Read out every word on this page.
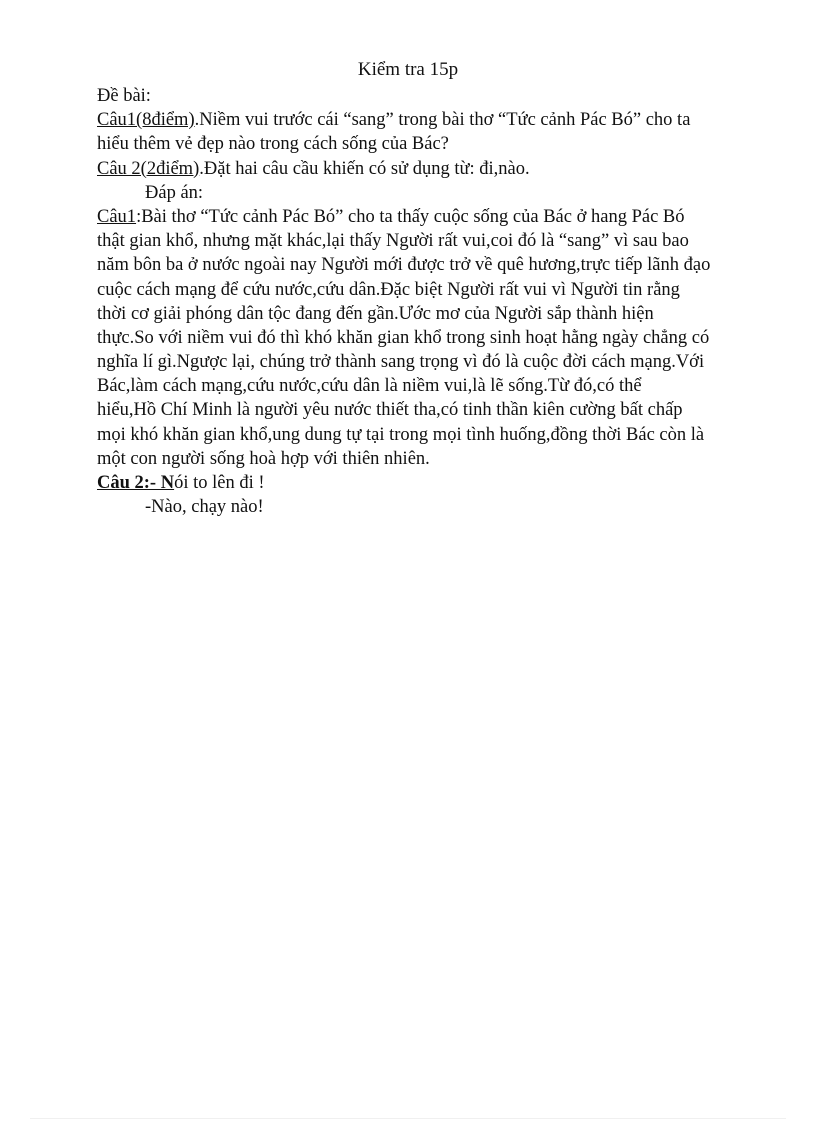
Kiểm tra 15p
Đề bài:
Câu1(8điểm).Niềm vui trước cái “sang” trong bài thơ “Tức cảnh Pác Bó” cho ta
hiểu thêm vẻ đẹp nào trong cách sống của Bác?
Câu 2(2điểm).Đặt hai câu cầu khiến có sử dụng từ: đi,nào.
Đáp án:
Câu1:Bài thơ “Tức cảnh Pác Bó” cho ta thấy cuộc sống của Bác ở hang Pác Bó
thật gian khổ, nhưng mặt khác,lại thấy Người rất vui,coi đó là “sang” vì sau bao
năm bôn ba ở nước ngoài nay Người mới được trở về quê hương,trực tiếp lãnh đạo
cuộc cách mạng để cứu nước,cứu dân.Đặc biệt Người rất vui vì Người tin rằng
thời cơ giải phóng dân tộc đang đến gần.Ước mơ của Người sắp thành hiện
thực.So với niềm vui đó thì khó khăn gian khổ trong sinh hoạt hằng ngày chẳng có
nghĩa lí gì.Ngược lại, chúng trở thành sang trọng vì đó là cuộc đời cách mạng.Với
Bác,làm cách mạng,cứu nước,cứu dân là niềm vui,là lẽ sống.Từ đó,có thể
hiểu,Hồ Chí Minh là người yêu nước thiết tha,có tinh thần kiên cường bất chấp
mọi khó khăn gian khổ,ung dung tự tại trong mọi tình huống,đồng thời Bác còn là
một con người sống hoà hợp với thiên nhiên.
Câu 2:- Nói to lên đi !
-Nào, chạy nào!
